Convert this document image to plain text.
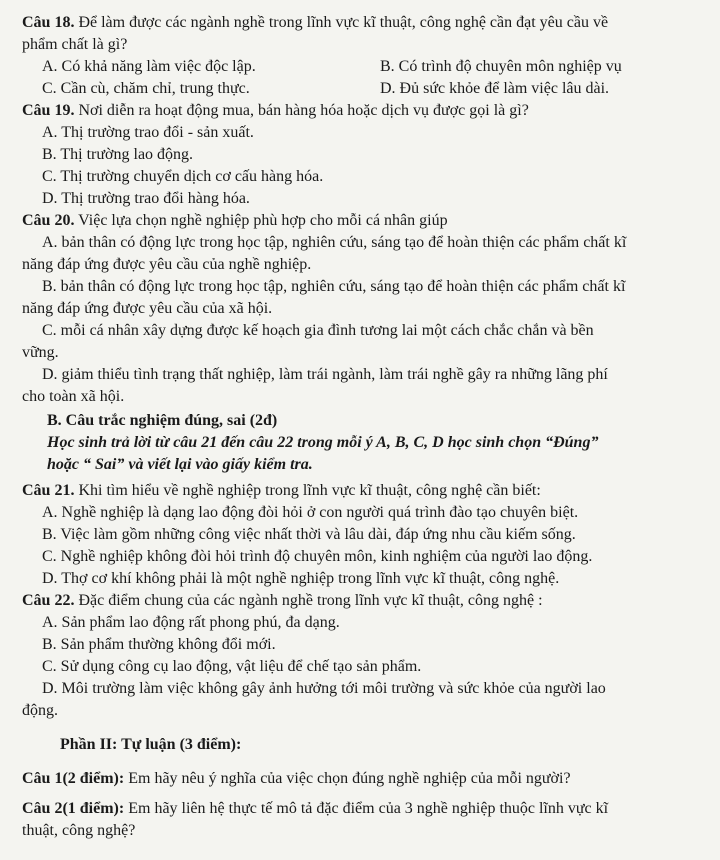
Câu 18. Để làm được các ngành nghề trong lĩnh vực kĩ thuật, công nghệ cần đạt yêu cầu về
phẩm chất là gì?
A. Có khả năng làm việc độc lập.	B. Có trình độ chuyên môn nghiệp vụ
C. Cần cù, chăm chỉ, trung thực.	D. Đủ sức khỏe để làm việc lâu dài.
Câu 19. Nơi diễn ra hoạt động mua, bán hàng hóa hoặc dịch vụ được gọi là gì?
A. Thị trường trao đổi - sản xuất.
B. Thị trường lao động.
C. Thị trường chuyển dịch cơ cấu hàng hóa.
D. Thị trường trao đổi hàng hóa.
Câu 20. Việc lựa chọn nghề nghiệp phù hợp cho mỗi cá nhân giúp
A. bản thân có động lực trong học tập, nghiên cứu, sáng tạo để hoàn thiện các phẩm chất kĩ
năng đáp ứng được yêu cầu của nghề nghiệp.
B. bản thân có động lực trong học tập, nghiên cứu, sáng tạo để hoàn thiện các phẩm chất kĩ
năng đáp ứng được yêu cầu của xã hội.
C. mỗi cá nhân xây dựng được kế hoạch gia đình tương lai một cách chắc chắn và bền
vững.
D. giảm thiểu tình trạng thất nghiệp, làm trái ngành, làm trái nghề gây ra những lãng phí
cho toàn xã hội.
B. Câu trắc nghiệm đúng, sai (2đ)
Học sinh trả lời từ câu 21 đến câu 22 trong mỗi ý A, B, C, D học sinh chọn “Đúng”
hoặc “ Sai” và viết lại vào giấy kiểm tra.
Câu 21. Khi tìm hiểu về nghề nghiệp trong lĩnh vực kĩ thuật, công nghệ cần biết:
A. Nghề nghiệp là dạng lao động đòi hỏi ở con người quá trình đào tạo chuyên biệt.
B. Việc làm gồm những công việc nhất thời và lâu dài, đáp ứng nhu cầu kiếm sống.
C. Nghề nghiệp không đòi hỏi trình độ chuyên môn, kinh nghiệm của người lao động.
D. Thợ cơ khí không phải là một nghề nghiệp trong lĩnh vực kĩ thuật, công nghệ.
Câu 22. Đặc điểm chung của các ngành nghề trong lĩnh vực kĩ thuật, công nghệ :
A. Sản phẩm lao động rất phong phú, đa dạng.
B. Sản phẩm thường không đổi mới.
C. Sử dụng công cụ lao động, vật liệu để chế tạo sản phẩm.
D. Môi trường làm việc không gây ảnh hưởng tới môi trường và sức khỏe của người lao
động.
Phần II: Tự luận (3 điểm):
Câu 1(2 điểm): Em hãy nêu ý nghĩa của việc chọn đúng nghề nghiệp của mỗi người?
Câu 2(1 điểm): Em hãy liên hệ thực tế mô tả đặc điểm của 3 nghề nghiệp thuộc lĩnh vực kĩ
thuật, công nghệ?
